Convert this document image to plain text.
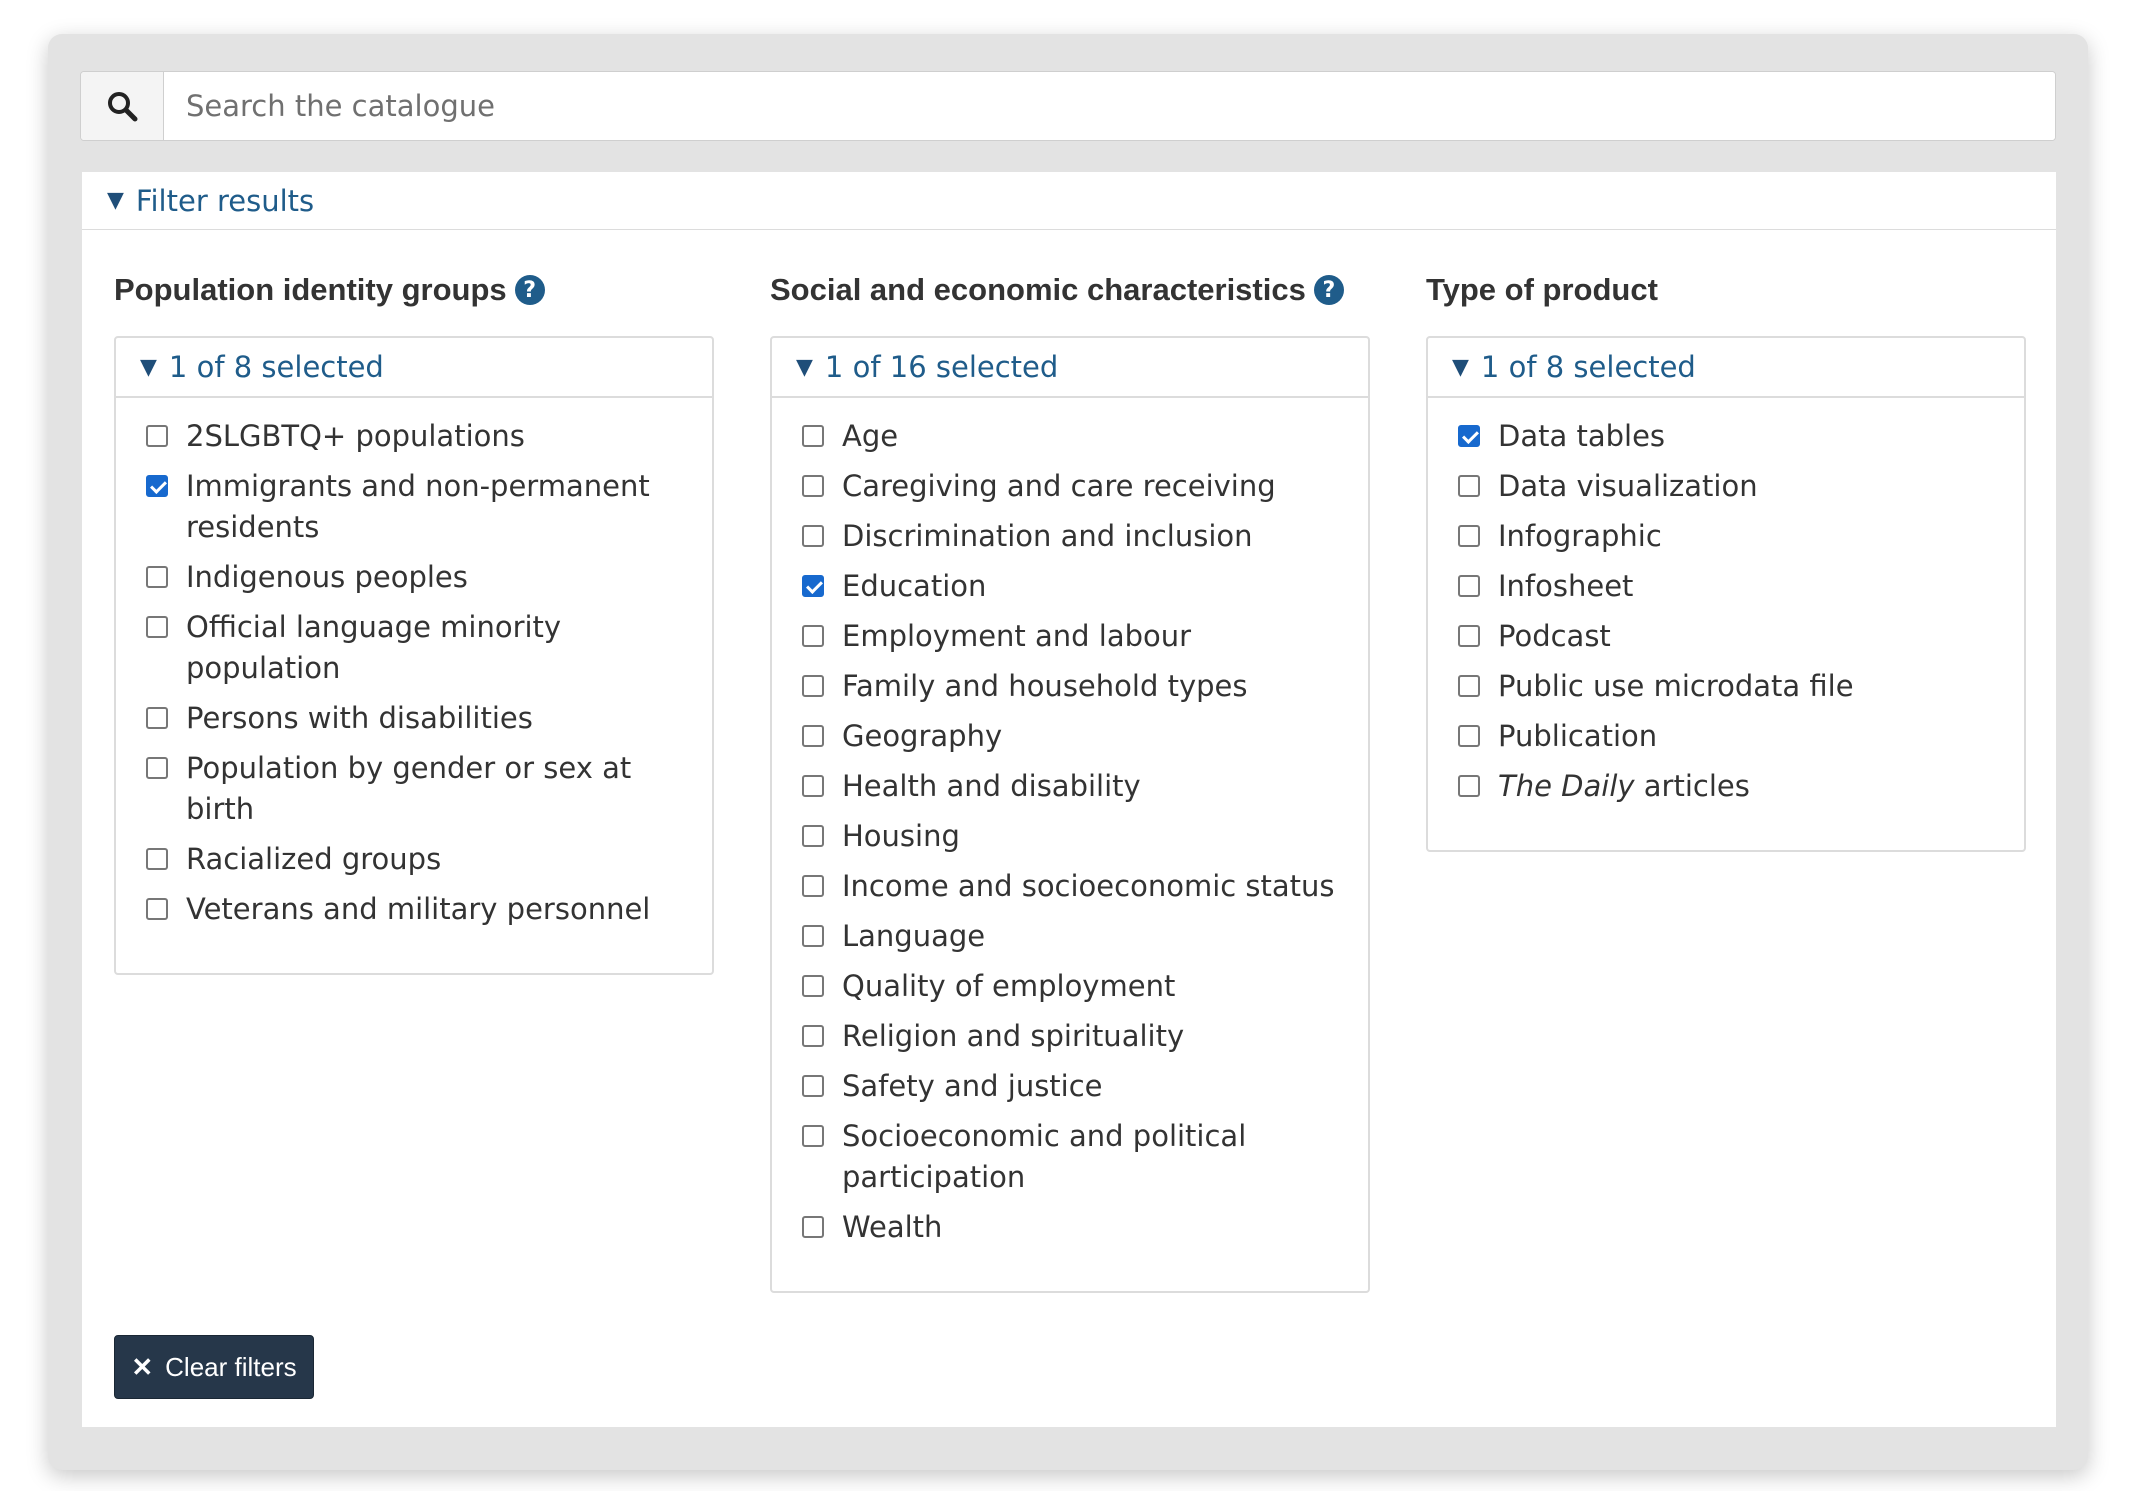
Search the catalogue
▼ Filter results
Population identity groups ?
▼ 1 of 8 selected
2SLGBTQ+ populations
Immigrants and non-permanent residents
Indigenous peoples
Official language minority population
Persons with disabilities
Population by gender or sex at birth
Racialized groups
Veterans and military personnel
Social and economic characteristics ?
▼ 1 of 16 selected
Age
Caregiving and care receiving
Discrimination and inclusion
Education
Employment and labour
Family and household types
Geography
Health and disability
Housing
Income and socioeconomic status
Language
Quality of employment
Religion and spirituality
Safety and justice
Socioeconomic and political participation
Wealth
Type of product
▼ 1 of 8 selected
Data tables
Data visualization
Infographic
Infosheet
Podcast
Public use microdata file
Publication
The Daily articles
✕ Clear filters
